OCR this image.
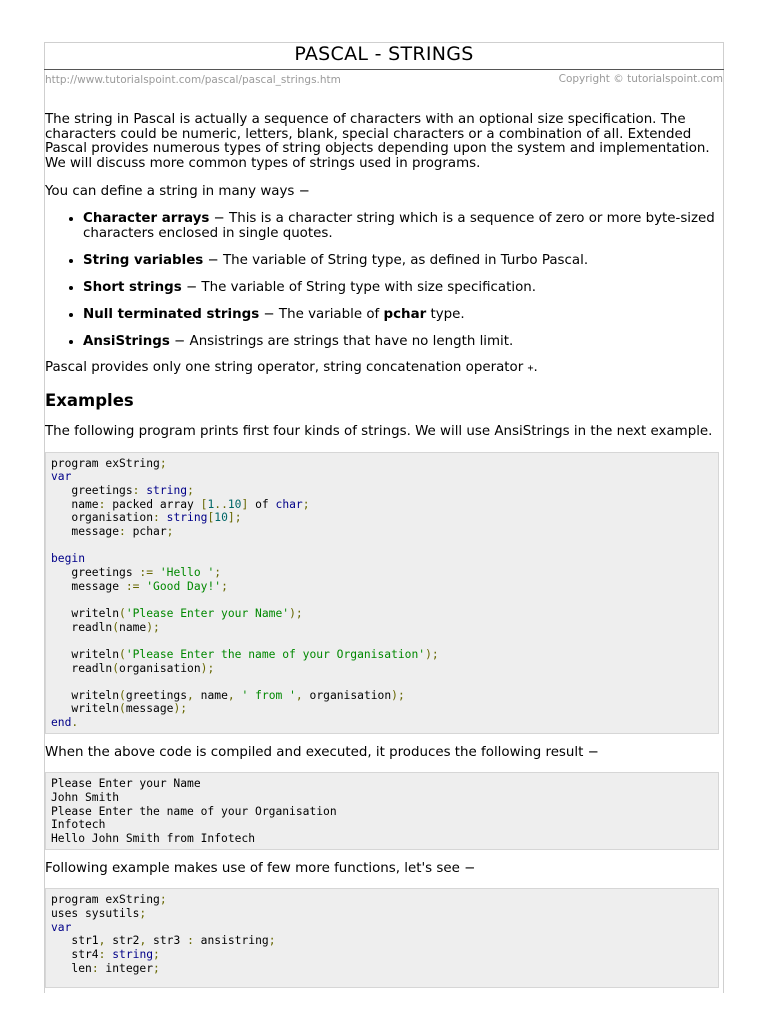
PASCAL - STRINGS
http://www.tutorialspoint.com/pascal/pascal_strings.htm	Copyright © tutorialspoint.com

The string in Pascal is actually a sequence of characters with an optional size specification. The characters could be numeric, letters, blank, special characters or a combination of all. Extended Pascal provides numerous types of string objects depending upon the system and implementation. We will discuss more common types of strings used in programs.

You can define a string in many ways −

• Character arrays − This is a character string which is a sequence of zero or more byte-sized characters enclosed in single quotes.
• String variables − The variable of String type, as defined in Turbo Pascal.
• Short strings − The variable of String type with size specification.
• Null terminated strings − The variable of pchar type.
• AnsiStrings − Ansistrings are strings that have no length limit.

Pascal provides only one string operator, string concatenation operator +.

Examples

The following program prints first four kinds of strings. We will use AnsiStrings in the next example.

program exString;
var
greetings: string;
name: packed array [1..10] of char;
organisation: string[10];
message: pchar;

begin
greetings := 'Hello ';
message := 'Good Day!';

writeln('Please Enter your Name');
readln(name);

writeln('Please Enter the name of your Organisation');
readln(organisation);

writeln(greetings, name, ' from ', organisation);
writeln(message);
end.

When the above code is compiled and executed, it produces the following result −

Please Enter your Name
John Smith
Please Enter the name of your Organisation
Infotech
Hello John Smith from Infotech

Following example makes use of few more functions, let's see −

program exString;
uses sysutils;
var
str1, str2, str3 : ansistring;
str4: string;
len: integer;
